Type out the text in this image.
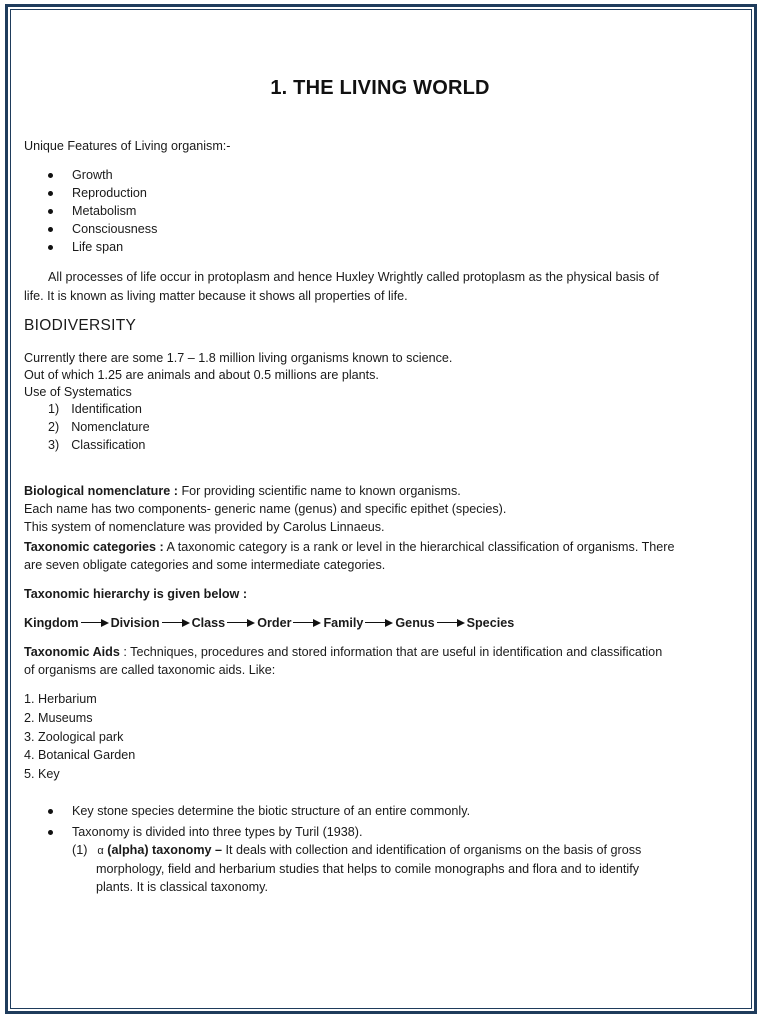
1. THE LIVING WORLD
Unique Features of Living organism:-
Growth
Reproduction
Metabolism
Consciousness
Life span
All processes of life occur in protoplasm and hence Huxley Wrightly called protoplasm as the physical basis of
life. It is known as living matter because it shows all properties of life.
BIODIVERSITY
Currently there are some 1.7 – 1.8 million living organisms known to science.
Out of which 1.25 are animals and about 0.5 millions are plants.
Use of Systematics
1) Identification
2) Nomenclature
3) Classification
Biological nomenclature : For providing scientific name to known organisms.
Each name has two components- generic name (genus) and specific epithet (species).
This system of nomenclature was provided by Carolus Linnaeus.
Taxonomic categories : A taxonomic category is a rank or level in the hierarchical classification of organisms. There
are seven obligate categories and some intermediate categories.
Taxonomic hierarchy is given below :
Kingdom	Division	Class	Order	Family	Genus	Species
Taxonomic Aids : Techniques, procedures and stored information that are useful in identification and classification
of organisms are called taxonomic aids. Like:
1. Herbarium
2. Museums
3. Zoological park
4. Botanical Garden
5. Key
Key stone species determine the biotic structure of an entire commonly.
Taxonomy is divided into three types by Turil (1938).
(1) α (alpha) taxonomy – It deals with collection and identification of organisms on the basis of gross
morphology, field and herbarium studies that helps to comile monographs and flora and to identify
plants. It is classical taxonomy.
